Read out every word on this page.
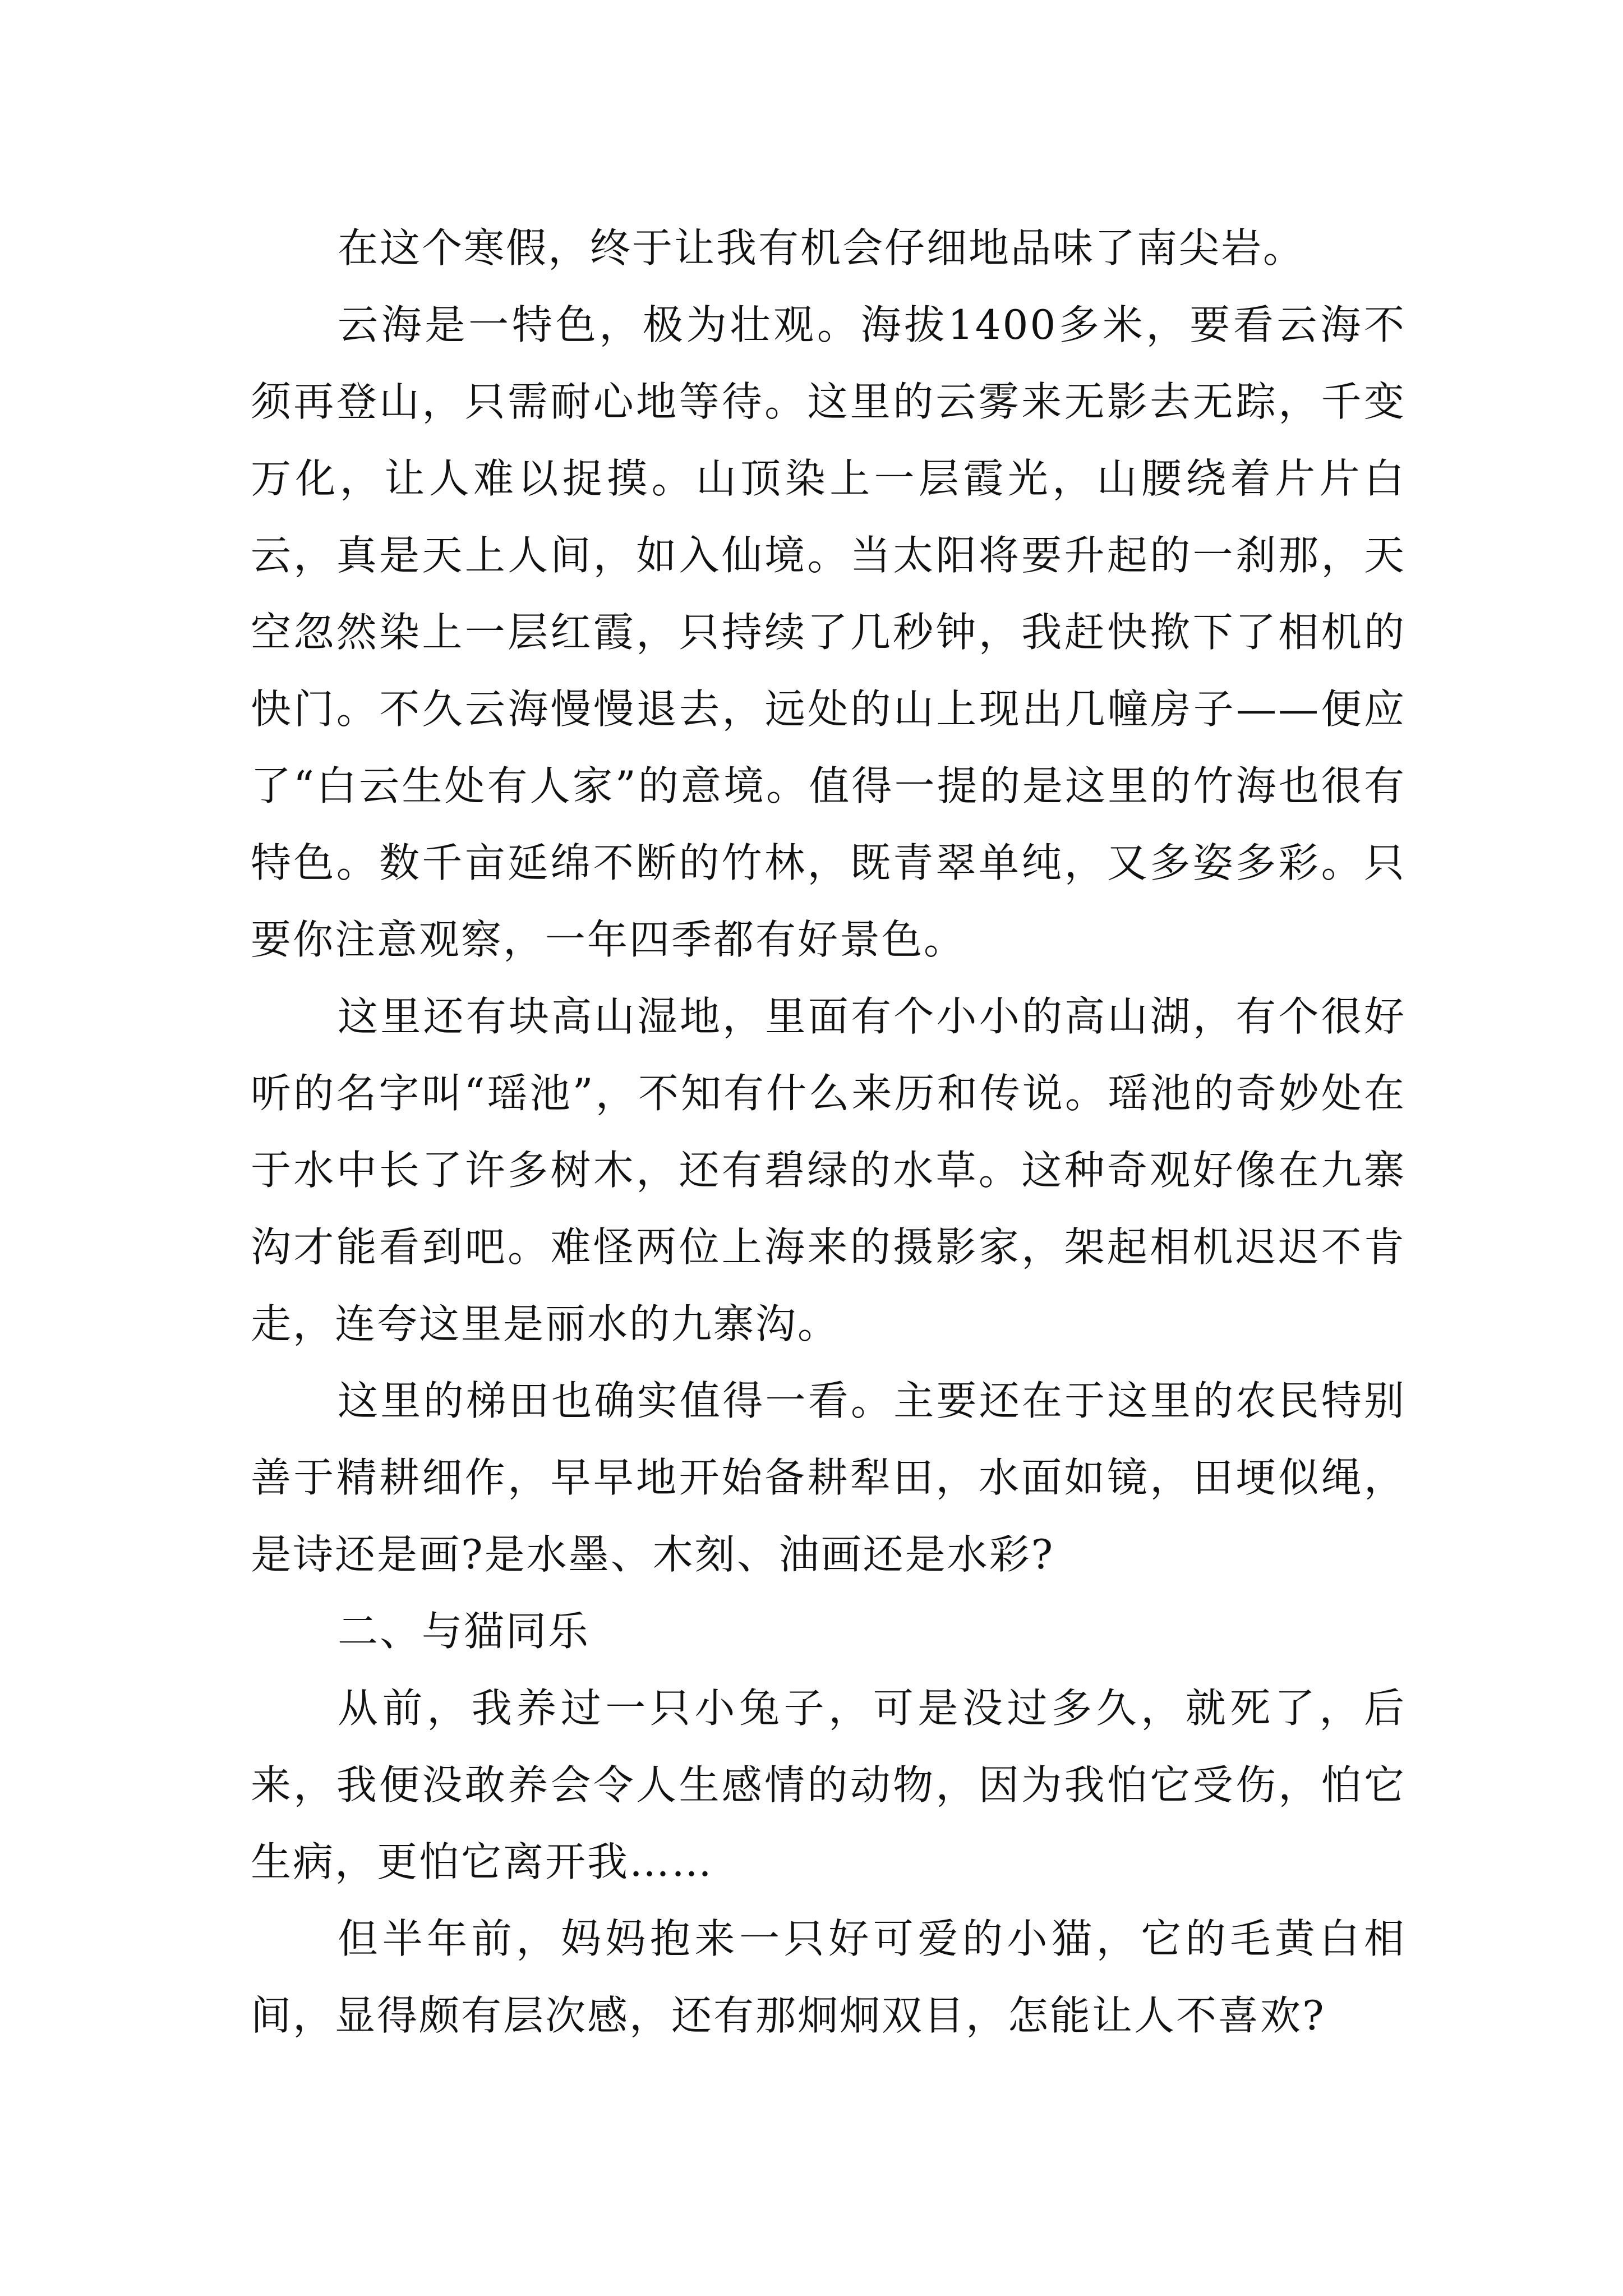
在这个寒假，终于让我有机会仔细地品味了南尖岩。

云海是一特色，极为壮观。海拔1400多米，要看云海不须再登山，只需耐心地等待。这里的云雾来无影去无踪，千变万化，让人难以捉摸。山顶染上一层霞光，山腰绕着片片白云，真是天上人间，如入仙境。当太阳将要升起的一刹那，天空忽然染上一层红霞，只持续了几秒钟，我赶快揿下了相机的快门。不久云海慢慢退去，远处的山上现出几幢房子——便应了“白云生处有人家”的意境。值得一提的是这里的竹海也很有特色。数千亩延绵不断的竹林，既青翠单纯，又多姿多彩。只要你注意观察，一年四季都有好景色。

这里还有块高山湿地，里面有个小小的高山湖，有个很好听的名字叫“瑶池”，不知有什么来历和传说。瑶池的奇妙处在于水中长了许多树木，还有碧绿的水草。这种奇观好像在九寨沟才能看到吧。难怪两位上海来的摄影家，架起相机迟迟不肯走，连夸这里是丽水的九寨沟。

这里的梯田也确实值得一看。主要还在于这里的农民特别善于精耕细作，早早地开始备耕犁田，水面如镜，田埂似绳，是诗还是画?是水墨、木刻、油画还是水彩?

二、与猫同乐

从前，我养过一只小兔子，可是没过多久，就死了，后来，我便没敢养会令人生感情的动物，因为我怕它受伤，怕它生病，更怕它离开我……

但半年前，妈妈抱来一只好可爱的小猫，它的毛黄白相间，显得颇有层次感，还有那炯炯双目，怎能让人不喜欢?
